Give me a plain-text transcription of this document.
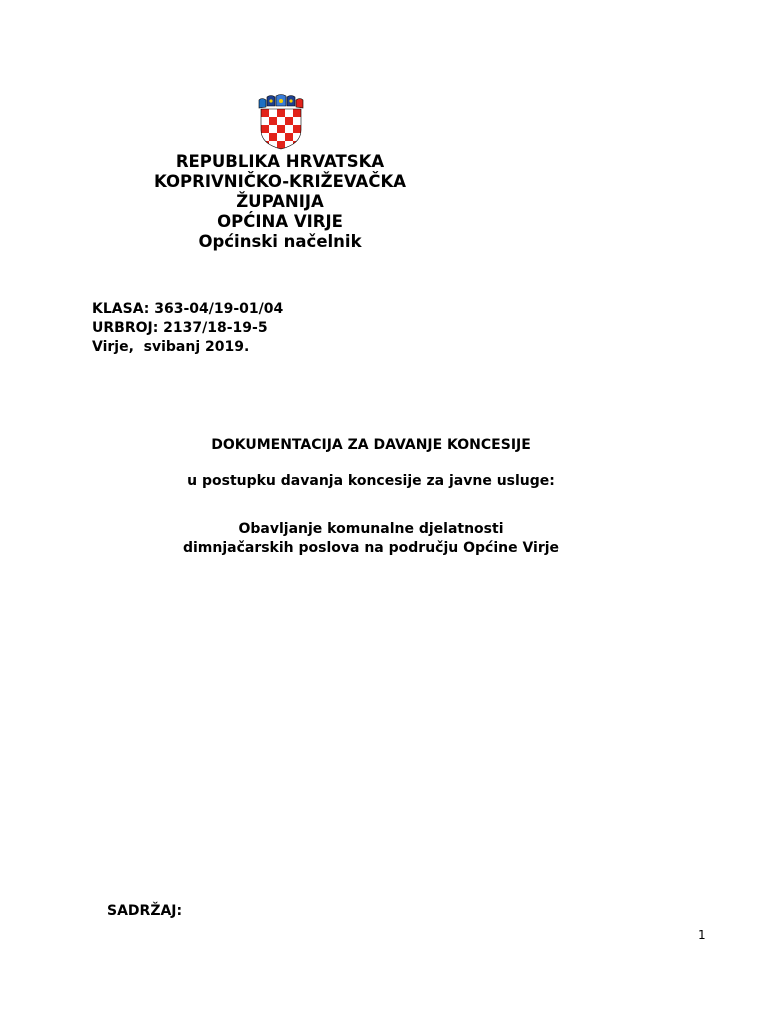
REPUBLIKA HRVATSKA
KOPRIVNIČKO-KRIŽEVAČKA
ŽUPANIJA
OPĆINA VIRJE
Općinski načelnik
KLASA: 363-04/19-01/04
URBROJ: 2137/18-19-5
Virje,  svibanj 2019.
DOKUMENTACIJA ZA DAVANJE KONCESIJE
u postupku davanja koncesije za javne usluge:
Obavljanje komunalne djelatnosti
dimnjačarskih poslova na području Općine Virje
SADRŽAJ:
1
